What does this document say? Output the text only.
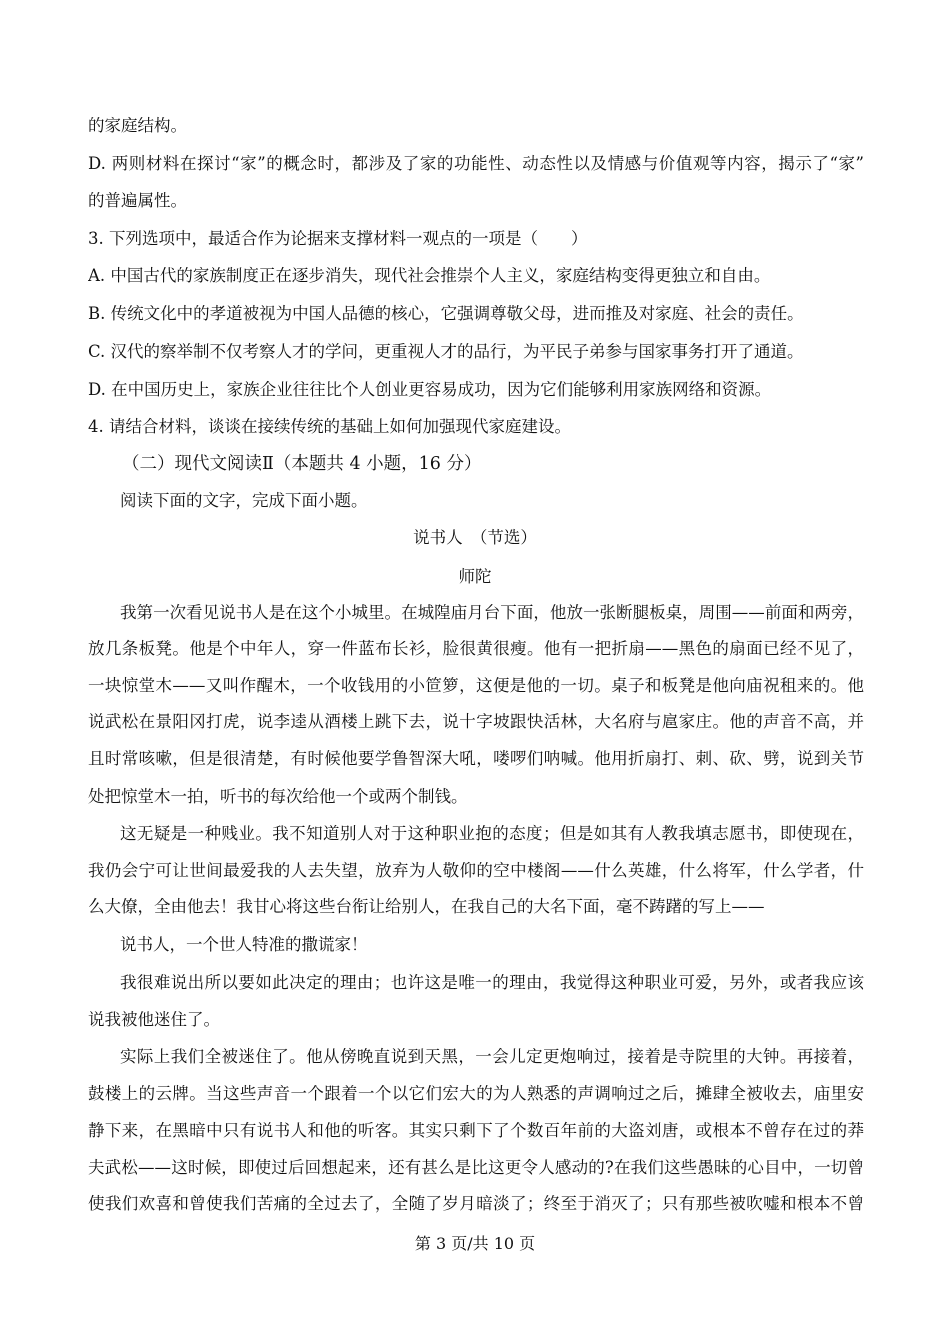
的家庭结构。
D. 两则材料在探讨“家”的概念时，都涉及了家的功能性、动态性以及情感与价值观等内容，揭示了“家”
的普遍属性。
3. 下列选项中，最适合作为论据来支撑材料一观点的一项是（　　）
A. 中国古代的家族制度正在逐步消失，现代社会推崇个人主义，家庭结构变得更独立和自由。
B. 传统文化中的孝道被视为中国人品德的核心，它强调尊敬父母，进而推及对家庭、社会的责任。
C. 汉代的察举制不仅考察人才的学问，更重视人才的品行，为平民子弟参与国家事务打开了通道。
D. 在中国历史上，家族企业往往比个人创业更容易成功，因为它们能够利用家族网络和资源。
4. 请结合材料，谈谈在接续传统的基础上如何加强现代家庭建设。
（二）现代文阅读Ⅱ（本题共 4 小题，16 分）
阅读下面的文字，完成下面小题。
说书人　（节选）
师陀
我第一次看见说书人是在这个小城里。在城隍庙月台下面，他放一张断腿板桌，周围——前面和两旁，
放几条板凳。他是个中年人，穿一件蓝布长衫，脸很黄很瘦。他有一把折扇——黑色的扇面已经不见了，
一块惊堂木——又叫作醒木，一个收钱用的小笸箩，这便是他的一切。桌子和板凳是他向庙祝租来的。他
说武松在景阳冈打虎，说李逵从酒楼上跳下去，说十字坡跟快活林，大名府与扈家庄。他的声音不高，并
且时常咳嗽，但是很清楚，有时候他要学鲁智深大吼，喽啰们呐喊。他用折扇打、刺、砍、劈，说到关节
处把惊堂木一拍，听书的每次给他一个或两个制钱。
这无疑是一种贱业。我不知道别人对于这种职业抱的态度；但是如其有人教我填志愿书，即使现在，
我仍会宁可让世间最爱我的人去失望，放弃为人敬仰的空中楼阁——什么英雄，什么将军，什么学者，什
么大僚，全由他去！我甘心将这些台衔让给别人，在我自己的大名下面，毫不踌躇的写上——
说书人，一个世人特准的撒谎家！
我很难说出所以要如此决定的理由；也许这是唯一的理由，我觉得这种职业可爱，另外，或者我应该
说我被他迷住了。
实际上我们全被迷住了。他从傍晚直说到天黑，一会儿定更炮响过，接着是寺院里的大钟。再接着，
鼓楼上的云牌。当这些声音一个跟着一个以它们宏大的为人熟悉的声调响过之后，摊肆全被收去，庙里安
静下来，在黑暗中只有说书人和他的听客。其实只剩下了个数百年前的大盗刘唐，或根本不曾存在过的莽
夫武松——这时候，即使过后回想起来，还有甚么是比这更令人感动的?在我们这些愚昧的心目中，一切曾
使我们欢喜和曾使我们苦痛的全过去了，全随了岁月暗淡了；终至于消灭了；只有那些被吹嘘和根本不曾
第 3 页/共 10 页
